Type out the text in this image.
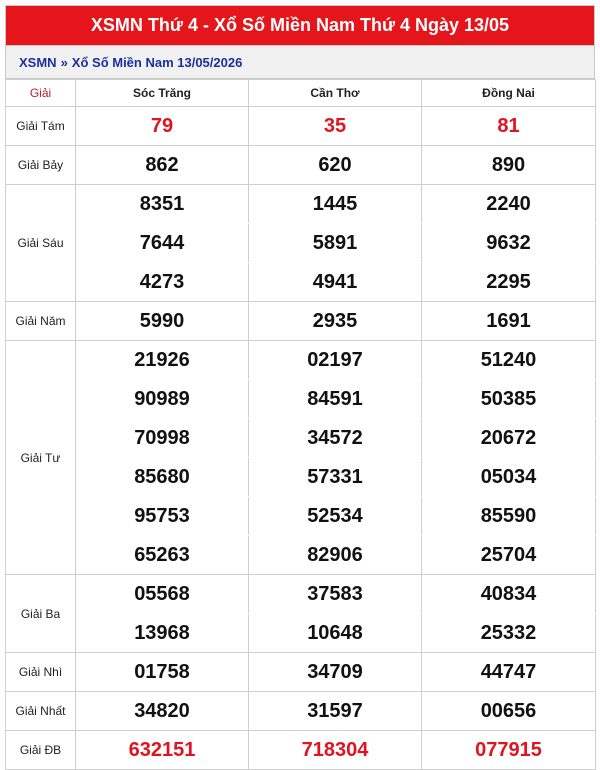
XSMN Thứ 4 - Xổ Số Miền Nam Thứ 4 Ngày 13/05
XSMN » Xổ Số Miền Nam 13/05/2026
Giải	Sóc Trăng	Cần Thơ	Đồng Nai
Giải Tám	79	35	81
Giải Bảy	862	620	890
Giải Sáu	8351	1445	2240
	7644	5891	9632
	4273	4941	2295
Giải Năm	5990	2935	1691
Giải Tư	21926	02197	51240
	90989	84591	50385
	70998	34572	20672
	85680	57331	05034
	95753	52534	85590
	65263	82906	25704
Giải Ba	05568	37583	40834
	13968	10648	25332
Giải Nhì	01758	34709	44747
Giải Nhất	34820	31597	00656
Giải ĐB	632151	718304	077915
